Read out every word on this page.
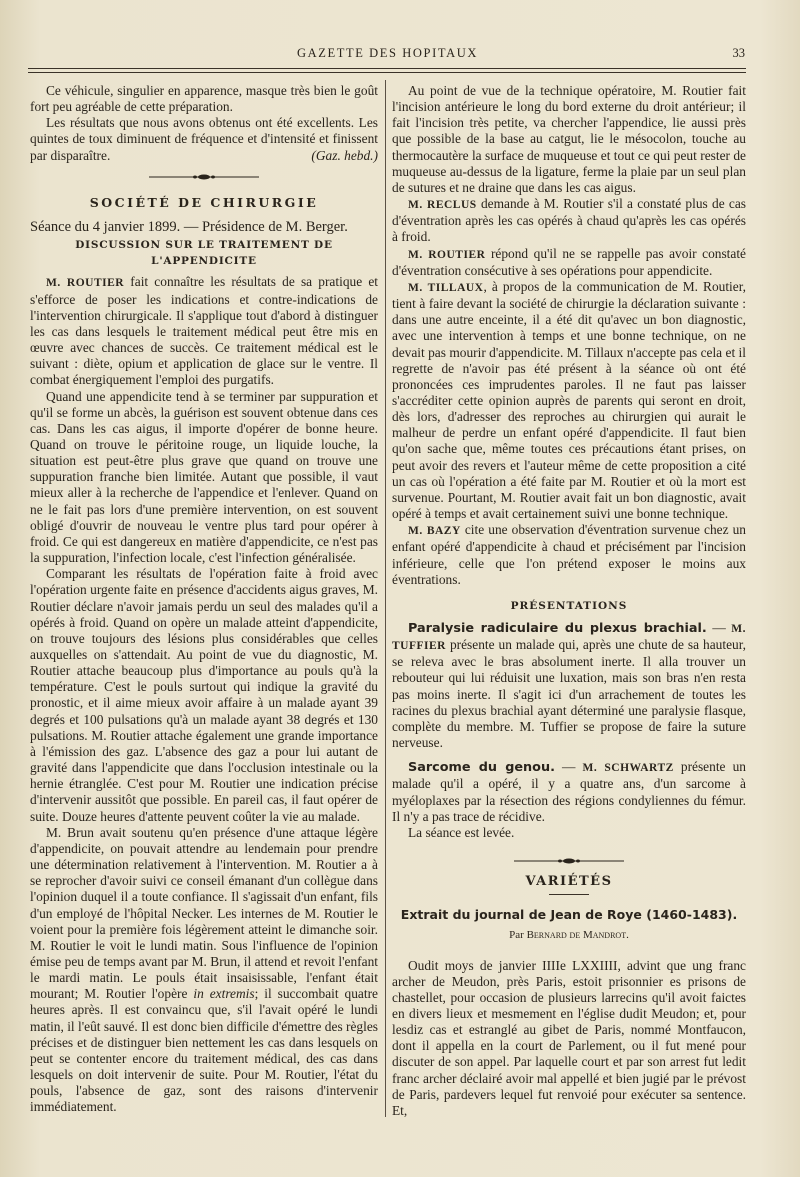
GAZETTE DES HOPITAUX	33

Ce véhicule, singulier en apparence, masque très bien le goût fort peu agréable de cette préparation.

Les résultats que nous avons obtenus ont été excellents. Les quintes de toux diminuent de fréquence et d'intensité et finissent par disparaître.	(Gaz. hebd.)

SOCIÉTÉ DE CHIRURGIE

Séance du 4 janvier 1899. — Présidence de M. Berger.

DISCUSSION SUR LE TRAITEMENT DE L'APPENDICITE

M. ROUTIER fait connaître les résultats de sa pratique et s'efforce de poser les indications et contre-indications de l'intervention chirurgicale. Il s'applique tout d'abord à distinguer les cas dans lesquels le traitement médical peut être mis en œuvre avec chances de succès. Ce traitement médical est le suivant : diète, opium et application de glace sur le ventre. Il combat énergiquement l'emploi des purgatifs.

Quand une appendicite tend à se terminer par suppuration et qu'il se forme un abcès, la guérison est souvent obtenue dans ces cas. Dans les cas aigus, il importe d'opérer de bonne heure. Quand on trouve le péritoine rouge, un liquide louche, la situation est peut-être plus grave que quand on trouve une suppuration franche bien limitée. Autant que possible, il vaut mieux aller à la recherche de l'appendice et l'enlever. Quand on ne le fait pas lors d'une première intervention, on est souvent obligé d'ouvrir de nouveau le ventre plus tard pour opérer à froid. Ce qui est dangereux en matière d'appendicite, ce n'est pas la suppuration, l'infection locale, c'est l'infection généralisée.

Comparant les résultats de l'opération faite à froid avec l'opération urgente faite en présence d'accidents aigus graves, M. Routier déclare n'avoir jamais perdu un seul des malades qu'il a opérés à froid. Quand on opère un malade atteint d'appendicite, on trouve toujours des lésions plus considérables que celles auxquelles on s'attendait. Au point de vue du diagnostic, M. Routier attache beaucoup plus d'importance au pouls qu'à la température. C'est le pouls surtout qui indique la gravité du pronostic, et il aime mieux avoir affaire à un malade ayant 39 degrés et 100 pulsations qu'à un malade ayant 38 degrés et 130 pulsations. M. Routier attache également une grande importance à l'émission des gaz. L'absence des gaz a pour lui autant de gravité dans l'appendicite que dans l'occlusion intestinale ou la hernie étranglée. C'est pour M. Routier une indication précise d'intervenir aussitôt que possible. En pareil cas, il faut opérer de suite. Douze heures d'attente peuvent coûter la vie au malade.

M. Brun avait soutenu qu'en présence d'une attaque légère d'appendicite, on pouvait attendre au lendemain pour prendre une détermination relativement à l'intervention. M. Routier a à se reprocher d'avoir suivi ce conseil émanant d'un collègue dans l'opinion duquel il a toute confiance. Il s'agissait d'un enfant, fils d'un employé de l'hôpital Necker. Les internes de M. Routier le voient pour la première fois légèrement atteint le dimanche soir. M. Routier le voit le lundi matin. Sous l'influence de l'opinion émise peu de temps avant par M. Brun, il attend et revoit l'enfant le mardi matin. Le pouls était insaisissable, l'enfant était mourant; M. Routier l'opère in extremis; il succombait quatre heures après. Il est convaincu que, s'il l'avait opéré le lundi matin, il l'eût sauvé. Il est donc bien difficile d'émettre des règles précises et de distinguer bien nettement les cas dans lesquels on peut se contenter encore du traitement médical, des cas dans lesquels on doit intervenir de suite. Pour M. Routier, l'état du pouls, l'absence de gaz, sont des raisons d'intervenir immédiatement.

Au point de vue de la technique opératoire, M. Routier fait l'incision antérieure le long du bord externe du droit antérieur; il fait l'incision très petite, va chercher l'appendice, lie aussi près que possible de la base au catgut, lie le mésocolon, touche au thermocautère la surface de muqueuse et tout ce qui peut rester de muqueuse au-dessus de la ligature, ferme la plaie par un seul plan de sutures et ne draine que dans les cas aigus.

M. RECLUS demande à M. Routier s'il a constaté plus de cas d'éventration après les cas opérés à chaud qu'après les cas opérés à froid.

M. ROUTIER répond qu'il ne se rappelle pas avoir constaté d'éventration consécutive à ses opérations pour appendicite.

M. TILLAUX, à propos de la communication de M. Routier, tient à faire devant la société de chirurgie la déclaration suivante : dans une autre enceinte, il a été dit qu'avec un bon diagnostic, avec une intervention à temps et une bonne technique, on ne devait pas mourir d'appendicite. M. Tillaux n'accepte pas cela et il regrette de n'avoir pas été présent à la séance où ont été prononcées ces imprudentes paroles. Il ne faut pas laisser s'accréditer cette opinion auprès de parents qui seront en droit, dès lors, d'adresser des reproches au chirurgien qui aurait le malheur de perdre un enfant opéré d'appendicite. Il faut bien qu'on sache que, même toutes ces précautions étant prises, on peut avoir des revers et l'auteur même de cette proposition a cité un cas où l'opération a été faite par M. Routier et où la mort est survenue. Pourtant, M. Routier avait fait un bon diagnostic, avait opéré à temps et avait certainement suivi une bonne technique.

M. BAZY cite une observation d'éventration survenue chez un enfant opéré d'appendicite à chaud et précisément par l'incision inférieure, celle que l'on prétend exposer le moins aux éventrations.

PRÉSENTATIONS

Paralysie radiculaire du plexus brachial. — M. TUFFIER présente un malade qui, après une chute de sa hauteur, se releva avec le bras absolument inerte. Il alla trouver un rebouteur qui lui réduisit une luxation, mais son bras n'en resta pas moins inerte. Il s'agit ici d'un arrachement de toutes les racines du plexus brachial ayant déterminé une paralysie flasque, complète du membre. M. Tuffier se propose de faire la suture nerveuse.

Sarcome du genou. — M. SCHWARTZ présente un malade qu'il a opéré, il y a quatre ans, d'un sarcome à myéloplaxes par la résection des régions condyliennes du fémur. Il n'y a pas trace de récidive.

La séance est levée.

VARIÉTÉS
Extrait du journal de Jean de Roye (1460-1483).
Par Bernard de Mandrot.

Oudit moys de janvier IIIIe LXXIIII, advint que ung franc archer de Meudon, près Paris, estoit prisonnier es prisons de chastellet, pour occasion de plusieurs larrecins qu'il avoit faictes en divers lieux et mesmement en l'église dudit Meudon; et, pour lesdiz cas et estranglé au gibet de Paris, nommé Montfaucon, dont il appella en la court de Parlement, ou il fut mené pour discuter de son appel. Par laquelle court et par son arrest fut ledit franc archer déclairé avoir mal appellé et bien jugié par le prévost de Paris, pardevers lequel fut renvoié pour exécuter sa sentence. Et,
